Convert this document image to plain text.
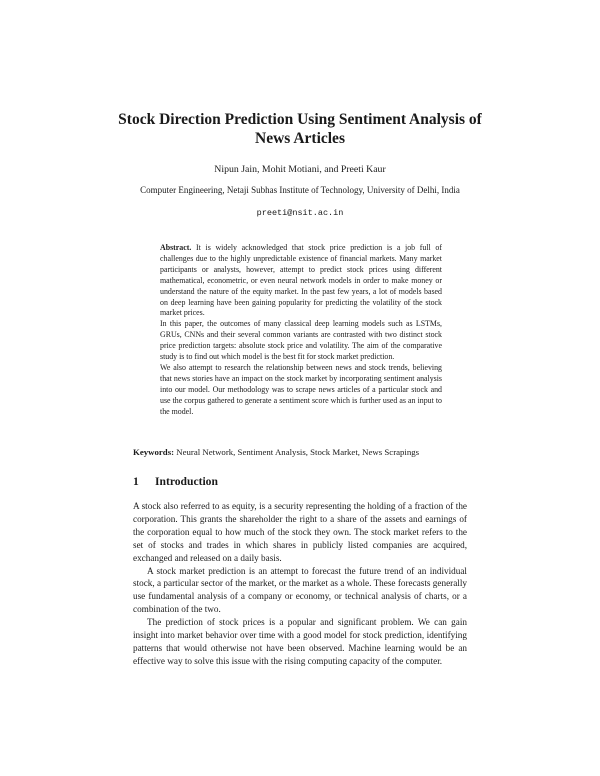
Stock Direction Prediction Using Sentiment Analysis of News Articles
Nipun Jain, Mohit Motiani, and Preeti Kaur
Computer Engineering, Netaji Subhas Institute of Technology, University of Delhi, India
preeti@nsit.ac.in

Abstract. It is widely acknowledged that stock price prediction is a job full of challenges due to the highly unpredictable existence of financial markets. Many market participants or analysts, however, attempt to predict stock prices using different mathematical, econometric, or even neural network models in order to make money or understand the nature of the equity market. In the past few years, a lot of models based on deep learning have been gaining popularity for predicting the volatility of the stock market prices.

In this paper, the outcomes of many classical deep learning models such as LSTMs, GRUs, CNNs and their several common variants are contrasted with two distinct stock price prediction targets: absolute stock price and volatility. The aim of the comparative study is to find out which model is the best fit for stock market prediction.

We also attempt to research the relationship between news and stock trends, believing that news stories have an impact on the stock market by incorporating sentiment analysis into our model. Our methodology was to scrape news articles of a particular stock and use the corpus gathered to generate a sentiment score which is further used as an input to the model.

Keywords: Neural Network, Sentiment Analysis, Stock Market, News Scrapings
1 Introduction

A stock also referred to as equity, is a security representing the holding of a fraction of the corporation. This grants the shareholder the right to a share of the assets and earnings of the corporation equal to how much of the stock they own. The stock market refers to the set of stocks and trades in which shares in publicly listed companies are acquired, exchanged and released on a daily basis.

A stock market prediction is an attempt to forecast the future trend of an individual stock, a particular sector of the market, or the market as a whole. These forecasts generally use fundamental analysis of a company or economy, or technical analysis of charts, or a combination of the two.

The prediction of stock prices is a popular and significant problem. We can gain insight into market behavior over time with a good model for stock prediction, identifying patterns that would otherwise not have been observed. Machine learning would be an effective way to solve this issue with the rising computing capacity of the computer.
